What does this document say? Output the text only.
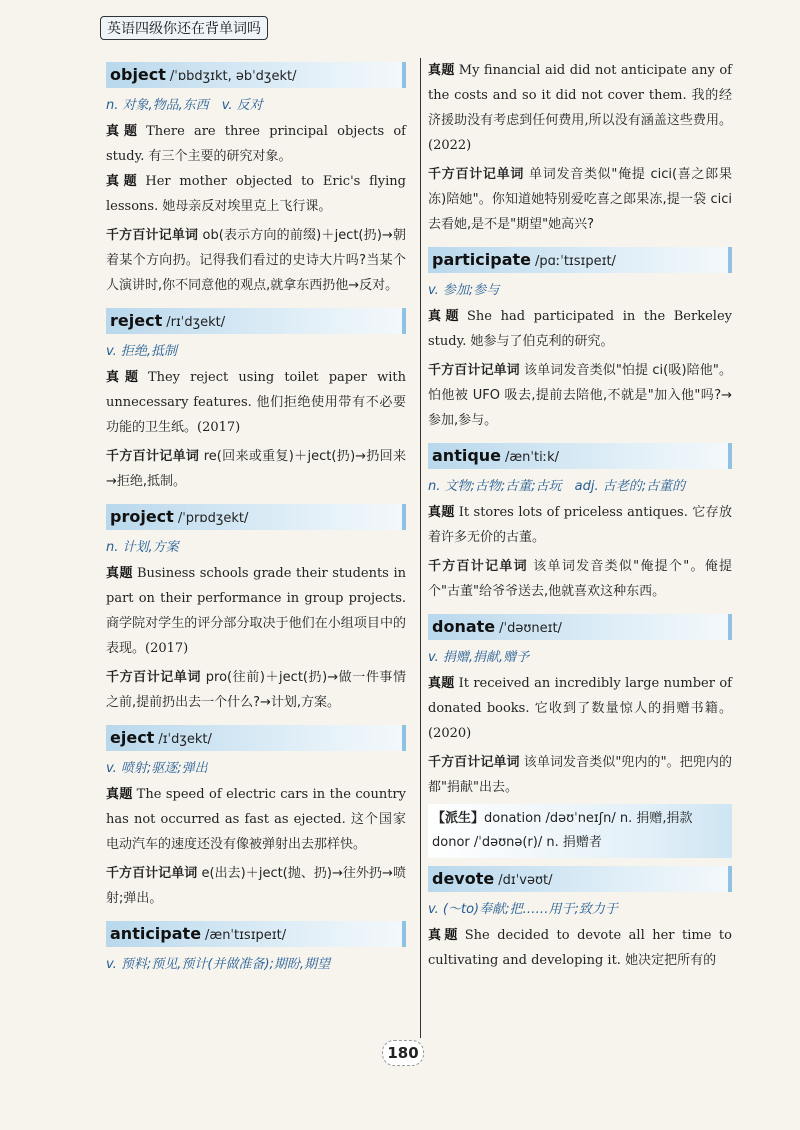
英语四级你还在背单词吗
object /ˈɒbdʒɪkt, əbˈdʒekt/
n. 对象,物品,东西　v. 反对

真题 There are three principal objects of study. 有三个主要的研究对象。

真题 Her mother objected to Eric's flying lessons. 她母亲反对埃里克上飞行课。

千方百计记单词 ob(表示方向的前缀)＋ject(扔)→朝着某个方向扔。记得我们看过的史诗大片吗?当某个人演讲时,你不同意他的观点,就拿东西扔他→反对。

reject /rɪˈdʒekt/
v. 拒绝,抵制

真题 They reject using toilet paper with unnecessary features. 他们拒绝使用带有不必要功能的卫生纸。(2017)

千方百计记单词 re(回来或重复)＋ject(扔)→扔回来→拒绝,抵制。

project /ˈprɒdʒekt/
n. 计划,方案

真题 Business schools grade their students in part on their performance in group projects. 商学院对学生的评分部分取决于他们在小组项目中的表现。(2017)

千方百计记单词 pro(往前)＋ject(扔)→做一件事情之前,提前扔出去一个什么?→计划,方案。

eject /ɪˈdʒekt/
v. 喷射;驱逐;弹出

真题 The speed of electric cars in the country has not occurred as fast as ejected. 这个国家电动汽车的速度还没有像被弹射出去那样快。

千方百计记单词 e(出去)＋ject(抛、扔)→往外扔→喷射;弹出。

anticipate /ænˈtɪsɪpeɪt/
v. 预料;预见,预计(并做准备);期盼,期望

真题 My financial aid did not anticipate any of the costs and so it did not cover them. 我的经济援助没有考虑到任何费用,所以没有涵盖这些费用。(2022)

千方百计记单词 单词发音类似"俺提 cici(喜之郎果冻)陪她"。你知道她特别爱吃喜之郎果冻,提一袋 cici 去看她,是不是"期望"她高兴?

participate /pɑːˈtɪsɪpeɪt/
v. 参加;参与

真题 She had participated in the Berkeley study. 她参与了伯克利的研究。

千方百计记单词 该单词发音类似"怕提 ci(吸)陪他"。怕他被 UFO 吸去,提前去陪他,不就是"加入他"吗?→参加,参与。

antique /ænˈtiːk/
n. 文物;古物;古董;古玩　adj. 古老的;古董的

真题 It stores lots of priceless antiques. 它存放着许多无价的古董。

千方百计记单词 该单词发音类似"俺提个"。俺提个"古董"给爷爷送去,他就喜欢这种东西。

donate /ˈdəʊneɪt/
v. 捐赠,捐献,赠予

真题 It received an incredibly large number of donated books. 它收到了数量惊人的捐赠书籍。(2020)

千方百计记单词 该单词发音类似"兜内的"。把兜内的都"捐献"出去。

【派生】donation /dəʊˈneɪʃn/ n. 捐赠,捐款
donor /ˈdəʊnə(r)/ n. 捐赠者
devote /dɪˈvəʊt/
v. (～to)奉献;把……用于;致力于

真题 She decided to devote all her time to cultivating and developing it. 她决定把所有的

180
